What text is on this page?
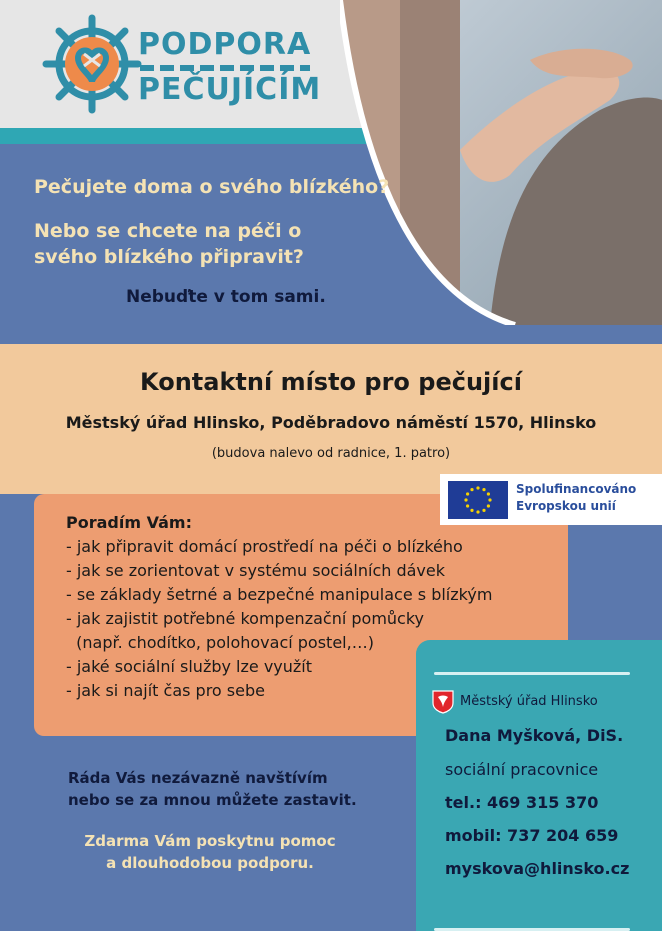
PODPORA
PEČUJÍCÍM
Pečujete doma o svého blízkého?
Nebo se chcete na péči o svého blízkého připravit?
Nebuďte v tom sami.
Kontaktní místo pro pečující
Městský úřad Hlinsko, Poděbradovo náměstí 1570, Hlinsko
(budova nalevo od radnice, 1. patro)
Poradím Vám:
- jak připravit domácí prostředí na péči o blízkého
- jak se zorientovat v systému sociálních dávek
- se základy šetrné a bezpečné manipulace s blízkým
- jak zajistit potřebné kompenzační pomůcky
(např. chodítko, polohovací postel,…)
- jaké sociální služby lze využít
- jak si najít čas pro sebe
Spolufinancováno
Evropskou unií
Ráda Vás nezávazně navštívím
nebo se za mnou můžete zastavit.
Zdarma Vám poskytnu pomoc
a dlouhodobou podporu.
Městský úřad Hlinsko
Dana Myšková, DiS.
sociální pracovnice
tel.: 469 315 370
mobil: 737 204 659
myskova@hlinsko.cz
